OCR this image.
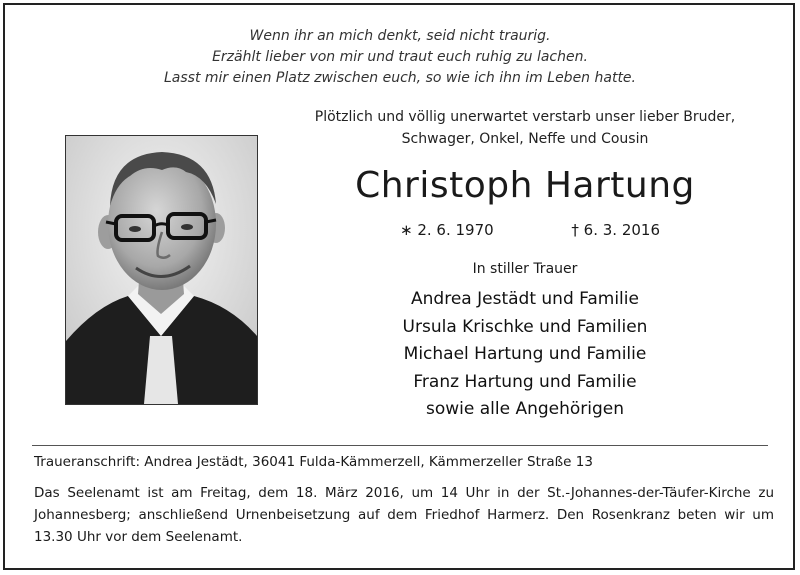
Wenn ihr an mich denkt, seid nicht traurig.
Erzählt lieber von mir und traut euch ruhig zu lachen.
Lasst mir einen Platz zwischen euch, so wie ich ihn im Leben hatte.
Plötzlich und völlig unerwartet verstarb unser lieber Bruder,
Schwager, Onkel, Neffe und Cousin
Christoph Hartung
∗ 2. 6. 1970	† 6. 3. 2016
In stiller Trauer
Andrea Jestädt und Familie
Ursula Krischke und Familien
Michael Hartung und Familie
Franz Hartung und Familie
sowie alle Angehörigen
Traueranschrift: Andrea Jestädt, 36041 Fulda-Kämmerzell, Kämmerzeller Straße 13
Das Seelenamt ist am Freitag, dem 18. März 2016, um 14 Uhr in der St.-Johannes-der-Täufer-Kirche zu Johannesberg; anschließend Urnenbeisetzung auf dem Friedhof Harmerz. Den Rosenkranz beten wir um 13.30 Uhr vor dem Seelenamt.
